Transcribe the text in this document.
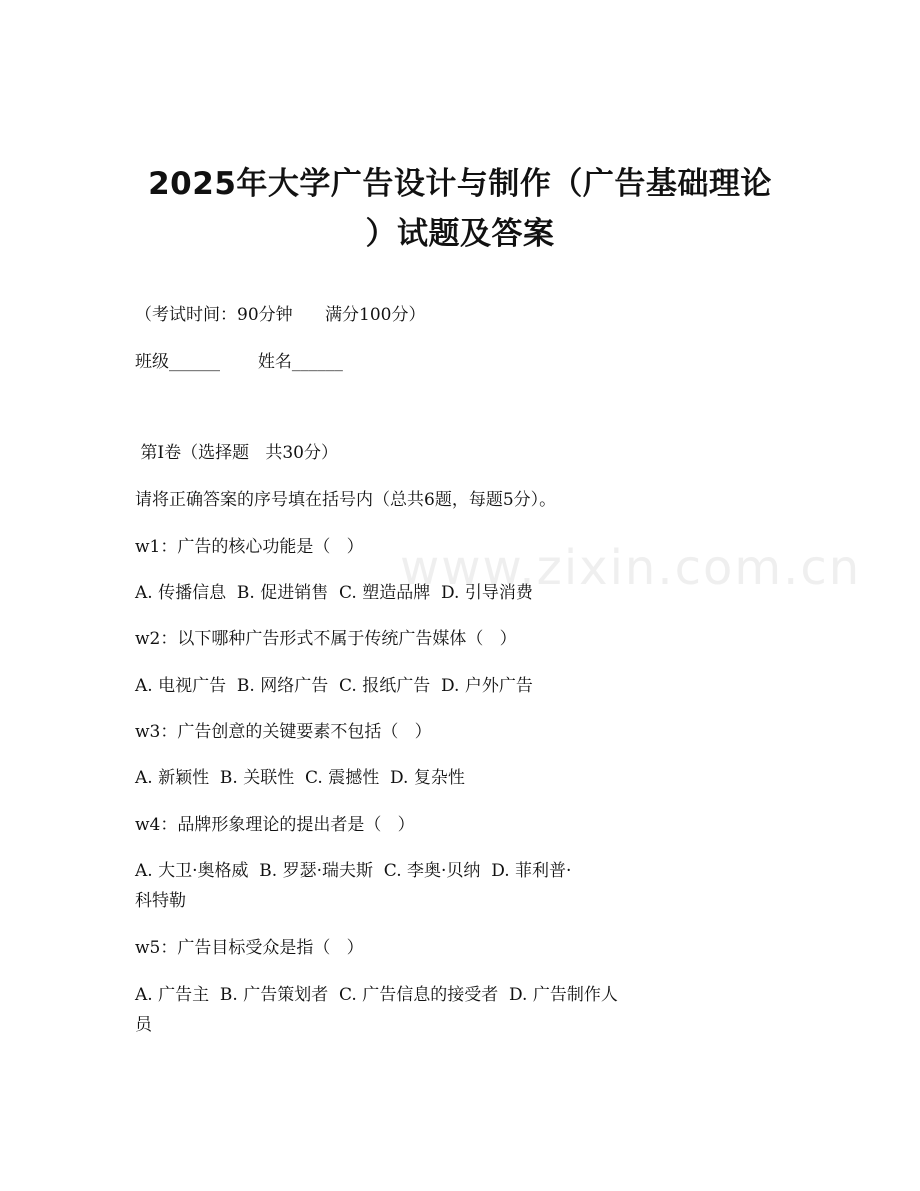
2025年大学广告设计与制作（广告基础理论
）试题及答案
（考试时间：90分钟      满分100分）
班级______       姓名______
第Ⅰ卷（选择题   共30分）
请将正确答案的序号填在括号内（总共6题，每题5分）。
w1：广告的核心功能是（   ）
A. 传播信息  B. 促进销售  C. 塑造品牌  D. 引导消费
w2：以下哪种广告形式不属于传统广告媒体（   ）
A. 电视广告  B. 网络广告  C. 报纸广告  D. 户外广告
w3：广告创意的关键要素不包括（   ）
A. 新颖性  B. 关联性  C. 震撼性  D. 复杂性
w4：品牌形象理论的提出者是（   ）
A. 大卫·奥格威  B. 罗瑟·瑞夫斯  C. 李奥·贝纳  D. 菲利普·
科特勒
w5：广告目标受众是指（   ）
A. 广告主  B. 广告策划者  C. 广告信息的接受者  D. 广告制作人
员
www.zixin.com.cn
